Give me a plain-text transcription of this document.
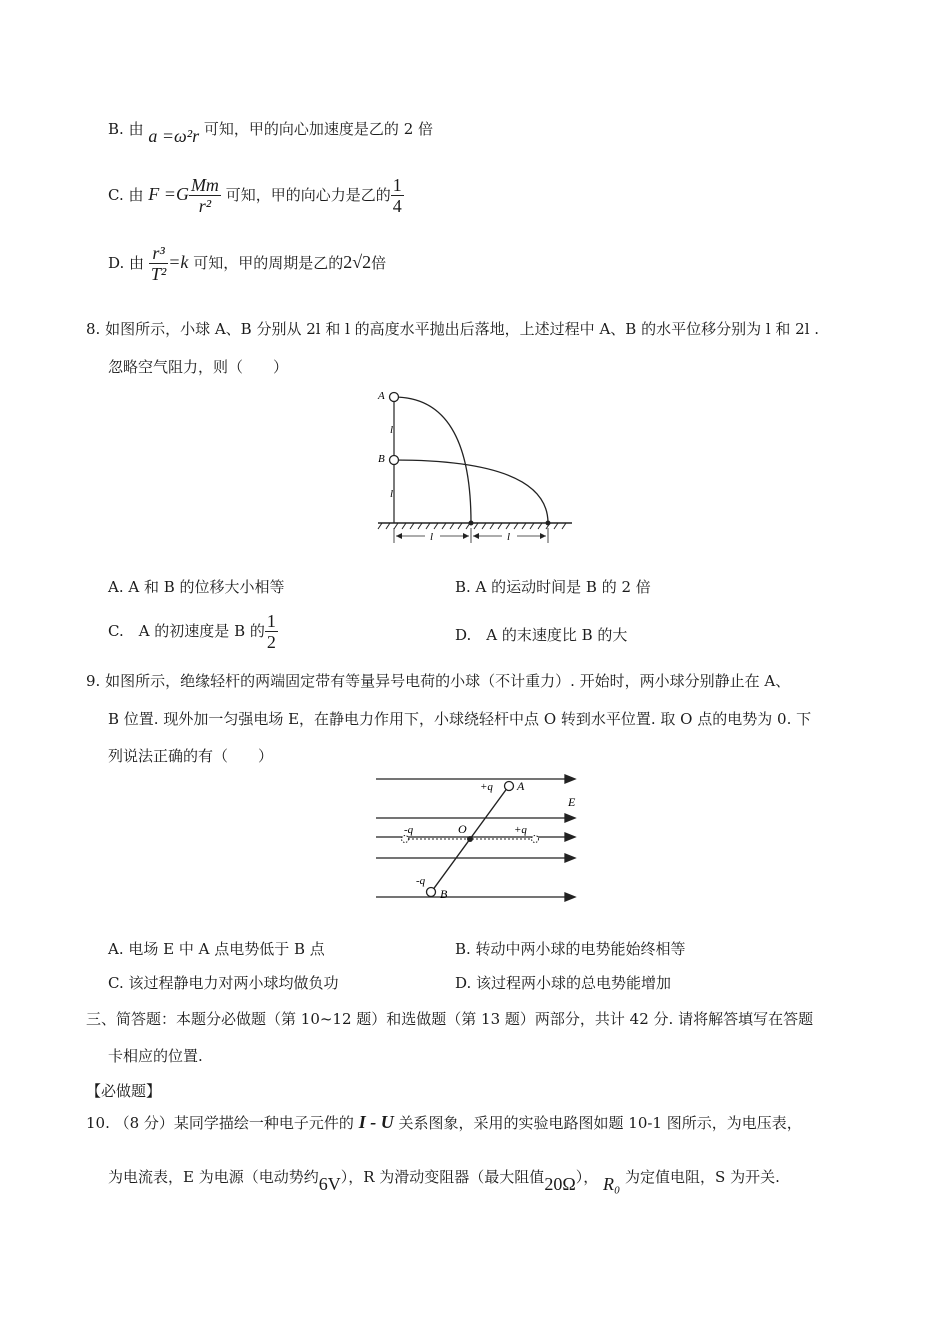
B. 由 a =ω²r 可知，甲的向心加速度是乙的 2 倍
C. 由 $F =G \frac{Mm}{\text{r²}}$ 可知，甲的向心力是乙的 $\frac{1}{4}$
D. 由 $\frac{\text{r³}}{\text{T²}} =k$ 可知，甲的周期是乙的2√2倍
8. 如图所示，小球 A、B 分别从 2l 和 l 的高度水平抛出后落地，上述过程中 A、B 的水平位移分别为 l 和 2l .
忽略空气阻力，则（　　）
A
B
l
l
l	l
A. A 和 B 的位移大小相等	B. A 的运动时间是 B 的 2 倍
C.　A 的初速度是 B 的 $\frac{1}{2}$	D.　A 的末速度比 B 的大
9. 如图所示，绝缘轻杆的两端固定带有等量异号电荷的小球（不计重力）. 开始时，两小球分别静止在 A、
B 位置. 现外加一匀强电场 E，在静电力作用下，小球绕轻杆中点 O 转到水平位置. 取 O 点的电势为 0. 下
列说法正确的有（　　）
+q A
E
-q	O	+q
-q
B
A. 电场 E 中 A 点电势低于 B 点	B. 转动中两小球的电势能始终相等
C. 该过程静电力对两小球均做负功	D. 该过程两小球的总电势能增加
三、简答题：本题分必做题（第 10~12 题）和选做题（第 13 题）两部分，共计 42 分. 请将解答填写在答题
卡相应的位置.
【必做题】
10. （8 分）某同学描绘一种电子元件的 I - U 关系图象，采用的实验电路图如题 10-1 图所示，为电压表，
为电流表，E 为电源（电动势约6V），R 为滑动变阻器（最大阻值20Ω）， R₀ 为定值电阻，S 为开关.
